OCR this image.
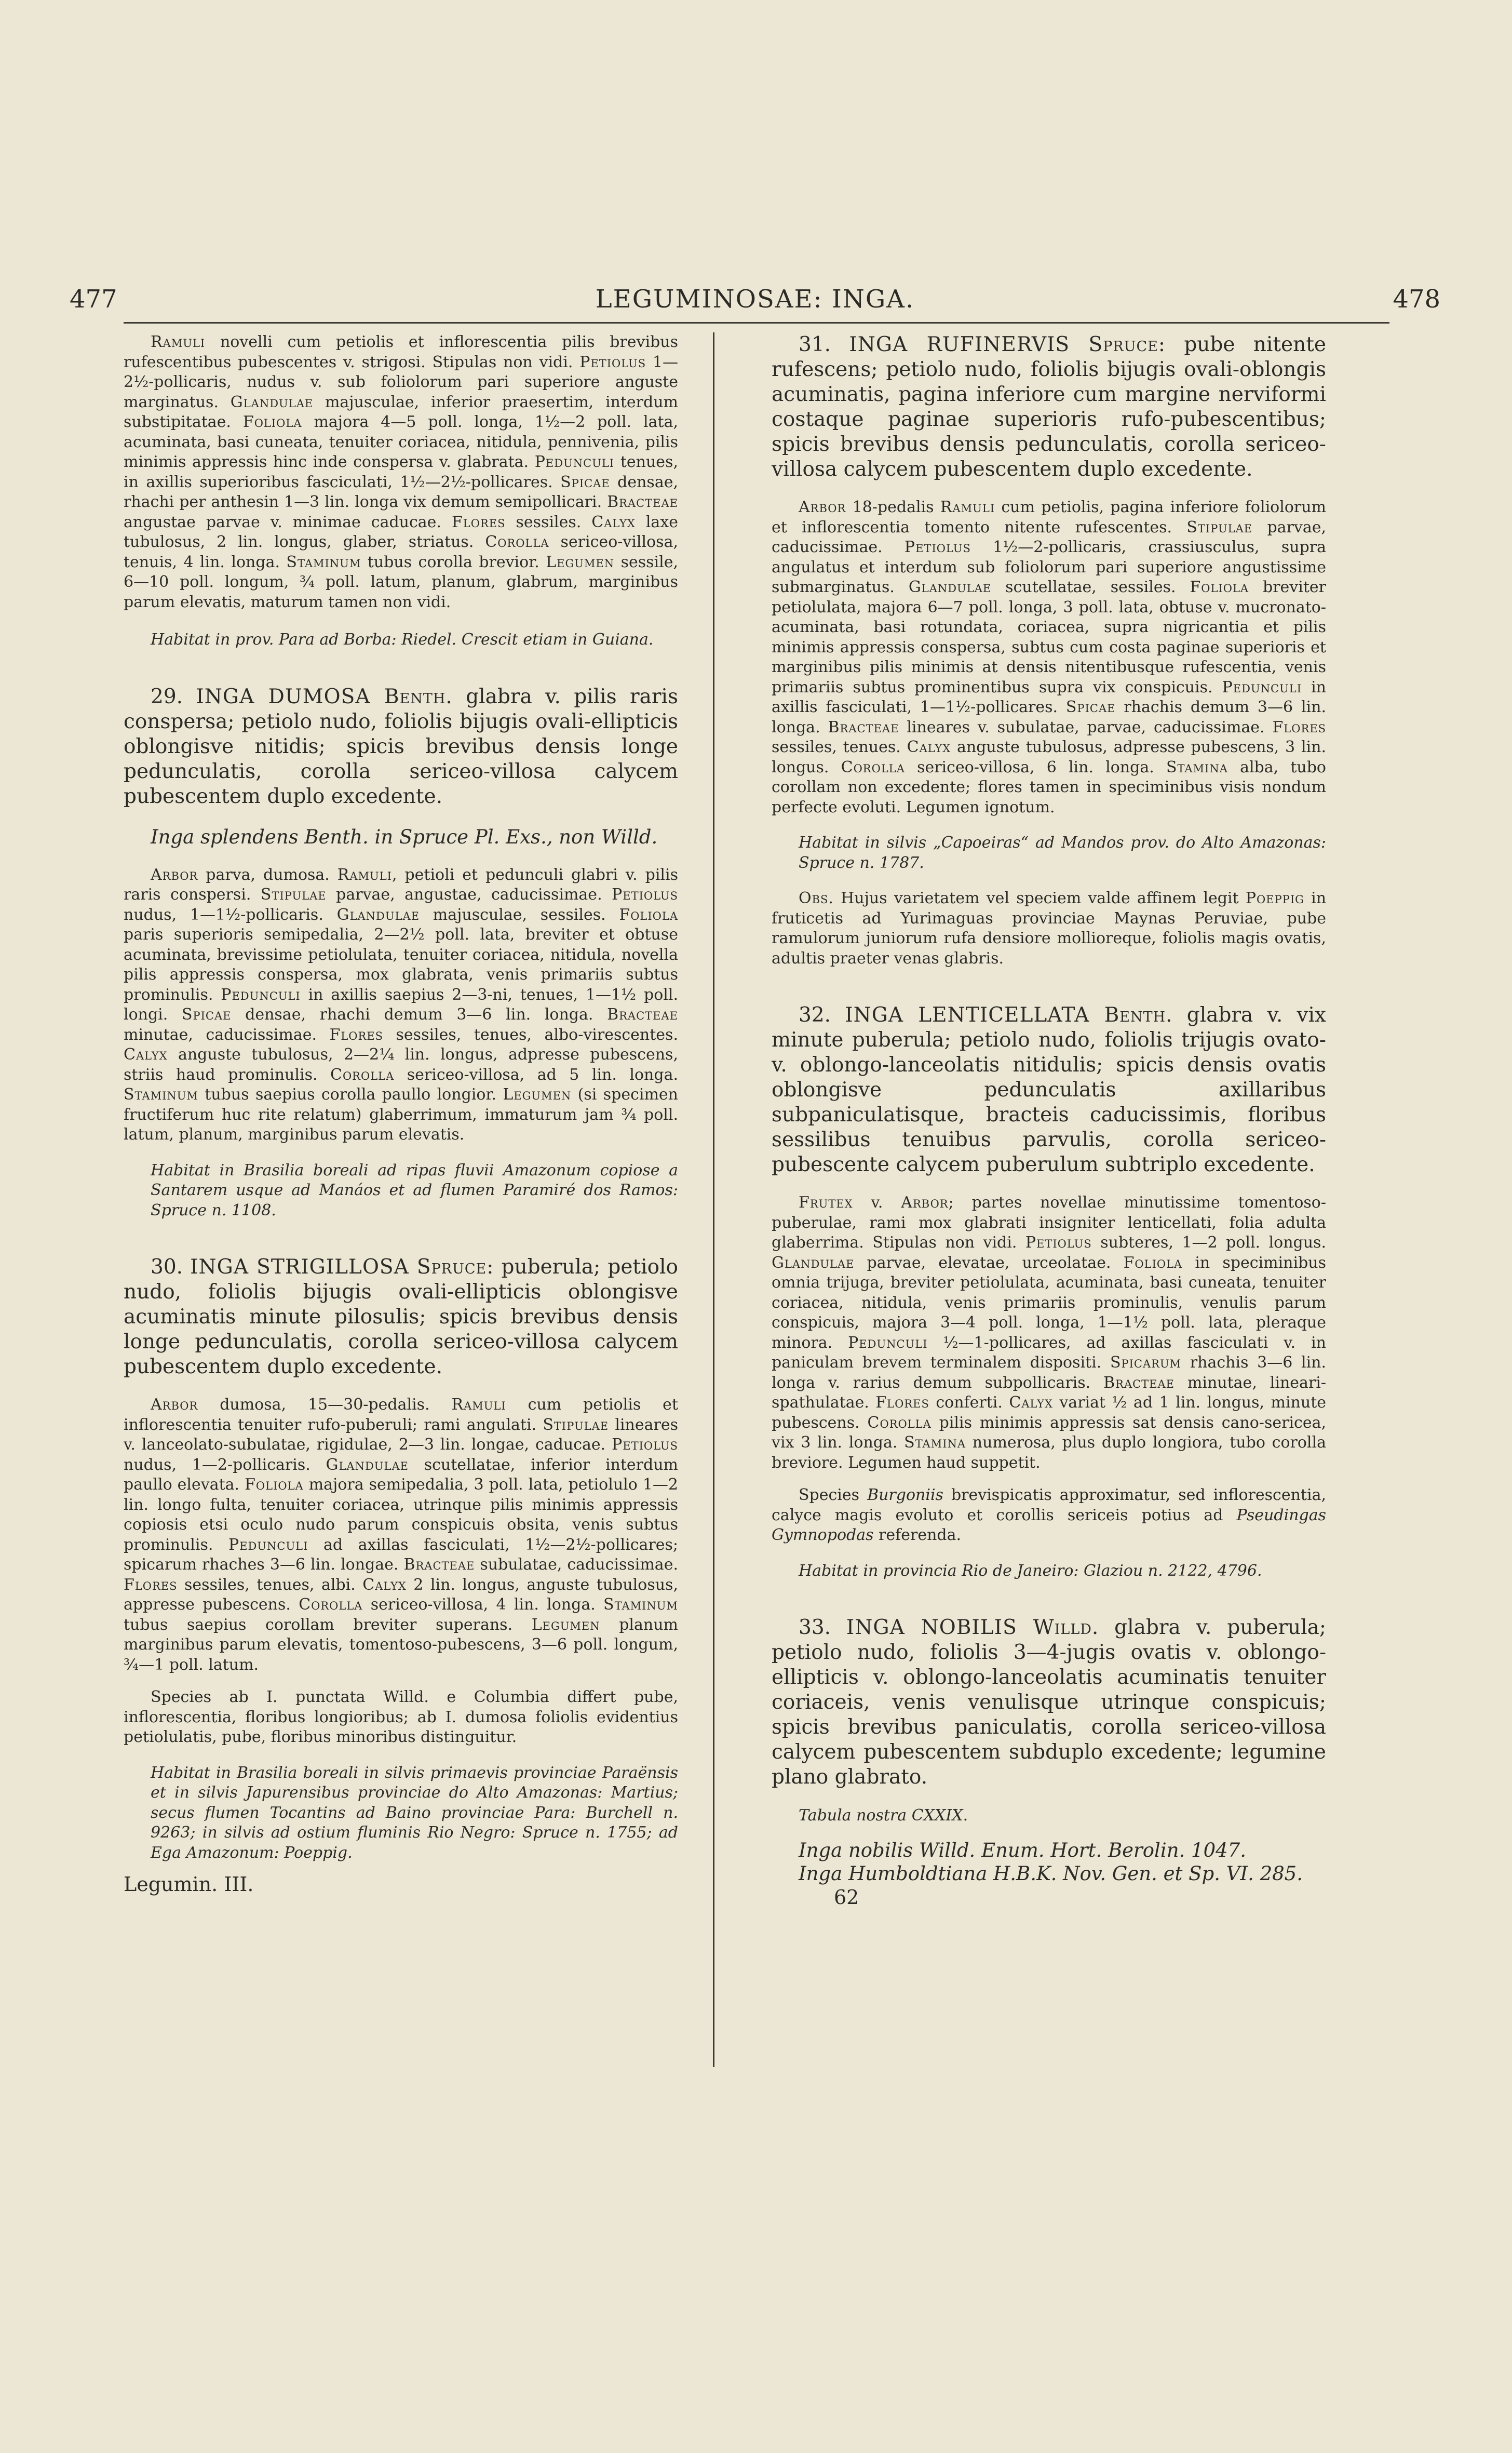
477	LEGUMINOSAE: INGA.	478

Ramuli novelli cum petiolis et inflorescentia pilis brevibus rufescentibus pubescentes v. strigosi. Stipulas non vidi. Petiolus 1—2½-pollicaris, nudus v. sub foliolorum pari superiore anguste marginatus. Glandulae majusculae, inferior praesertim, interdum substipitatae. Foliola majora 4—5 poll. longa, 1½—2 poll. lata, acuminata, basi cuneata, tenuiter coriacea, nitidula, pennivenia, pilis minimis appressis hinc inde conspersa v. glabrata. Pedunculi tenues, in axillis superioribus fasciculati, 1½—2½-pollicares. Spicae densae, rhachi per anthesin 1—3 lin. longa vix demum semipollicari. Bracteae angustae parvae v. minimae caducae. Flores sessiles. Calyx laxe tubulosus, 2 lin. longus, glaber, striatus. Corolla sericeo-villosa, tenuis, 4 lin. longa. Staminum tubus corolla brevior. Legumen sessile, 6—10 poll. longum, ¾ poll. latum, planum, glabrum, marginibus parum elevatis, maturum tamen non vidi.

Habitat in prov. Para ad Borba: Riedel. Crescit etiam in Guiana.

29. INGA DUMOSA Benth. glabra v. pilis raris conspersa; petiolo nudo, foliolis bijugis ovali-ellipticis oblongisve nitidis; spicis brevibus densis longe pedunculatis, corolla sericeo-villosa calycem pubescentem duplo excedente.

Inga splendens Benth. in Spruce Pl. Exs., non Willd.

Arbor parva, dumosa. Ramuli, petioli et pedunculi glabri v. pilis raris conspersi. Stipulae parvae, angustae, caducissimae. Petiolus nudus, 1—1½-pollicaris. Glandulae majusculae, sessiles. Foliola paris superioris semipedalia, 2—2½ poll. lata, breviter et obtuse acuminata, brevissime petiolulata, tenuiter coriacea, nitidula, novella pilis appressis conspersa, mox glabrata, venis primariis subtus prominulis. Pedunculi in axillis saepius 2—3-ni, tenues, 1—1½ poll. longi. Spicae densae, rhachi demum 3—6 lin. longa. Bracteae minutae, caducissimae. Flores sessiles, tenues, albo-virescentes. Calyx anguste tubulosus, 2—2¼ lin. longus, adpresse pubescens, striis haud prominulis. Corolla sericeo-villosa, ad 5 lin. longa. Staminum tubus saepius corolla paullo longior. Legumen (si specimen fructiferum huc rite relatum) glaberrimum, immaturum jam ¾ poll. latum, planum, marginibus parum elevatis.

Habitat in Brasilia boreali ad ripas fluvii Amazonum copiose a Santarem usque ad Manáos et ad flumen Paramiré dos Ramos: Spruce n. 1108.

30. INGA STRIGILLOSA Spruce: puberula; petiolo nudo, foliolis bijugis ovali-ellipticis oblongisve acuminatis minute pilosulis; spicis brevibus densis longe pedunculatis, corolla sericeo-villosa calycem pubescentem duplo excedente.

Arbor dumosa, 15—30-pedalis. Ramuli cum petiolis et inflorescentia tenuiter rufo-puberuli; rami angulati. Stipulae lineares v. lanceolato-subulatae, rigidulae, 2—3 lin. longae, caducae. Petiolus nudus, 1—2-pollicaris. Glandulae scutellatae, inferior interdum paullo elevata. Foliola majora semipedalia, 3 poll. lata, petiolulo 1—2 lin. longo fulta, tenuiter coriacea, utrinque pilis minimis appressis copiosis etsi oculo nudo parum conspicuis obsita, venis subtus prominulis. Pedunculi ad axillas fasciculati, 1½—2½-pollicares; spicarum rhaches 3—6 lin. longae. Bracteae subulatae, caducissimae. Flores sessiles, tenues, albi. Calyx 2 lin. longus, anguste tubulosus, appresse pubescens. Corolla sericeo-villosa, 4 lin. longa. Staminum tubus saepius corollam breviter superans. Legumen planum marginibus parum elevatis, tomentoso-pubescens, 3—6 poll. longum, ¾—1 poll. latum.

Species ab I. punctata Willd. e Columbia differt pube, inflorescentia, floribus longioribus; ab I. dumosa foliolis evidentius petiolulatis, pube, floribus minoribus distinguitur.

Habitat in Brasilia boreali in silvis primaevis provinciae Paraënsis et in silvis Japurensibus provinciae do Alto Amazonas: Martius; secus flumen Tocantins ad Baino provinciae Para: Burchell n. 9263; in silvis ad ostium fluminis Rio Negro: Spruce n. 1755; ad Ega Amazonum: Poeppig.

Legumin. III.

31. INGA RUFINERVIS Spruce: pube nitente rufescens; petiolo nudo, foliolis bijugis ovali-oblongis acuminatis, pagina inferiore cum margine nerviformi costaque paginae superioris rufo-pubescentibus; spicis brevibus densis pedunculatis, corolla sericeo-villosa calycem pubescentem duplo excedente.

Arbor 18-pedalis Ramuli cum petiolis, pagina inferiore foliolorum et inflorescentia tomento nitente rufescentes. Stipulae parvae, caducissimae. Petiolus 1½—2-pollicaris, crassiusculus, supra angulatus et interdum sub foliolorum pari superiore angustissime submarginatus. Glandulae scutellatae, sessiles. Foliola breviter petiolulata, majora 6—7 poll. longa, 3 poll. lata, obtuse v. mucronato-acuminata, basi rotundata, coriacea, supra nigricantia et pilis minimis appressis conspersa, subtus cum costa paginae superioris et marginibus pilis minimis at densis nitentibusque rufescentia, venis primariis subtus prominentibus supra vix conspicuis. Pedunculi in axillis fasciculati, 1—1½-pollicares. Spicae rhachis demum 3—6 lin. longa. Bracteae lineares v. subulatae, parvae, caducissimae. Flores sessiles, tenues. Calyx anguste tubulosus, adpresse pubescens, 3 lin. longus. Corolla sericeo-villosa, 6 lin. longa. Stamina alba, tubo corollam non excedente; flores tamen in speciminibus visis nondum perfecte evoluti. Legumen ignotum.

Habitat in silvis „Capoeiras“ ad Mandos prov. do Alto Amazonas: Spruce n. 1787.

Obs. Hujus varietatem vel speciem valde affinem legit Poeppig in fruticetis ad Yurimaguas provinciae Maynas Peruviae, pube ramulorum juniorum rufa densiore mollioreque, foliolis magis ovatis, adultis praeter venas glabris.

32. INGA LENTICELLATA Benth. glabra v. vix minute puberula; petiolo nudo, foliolis trijugis ovato- v. oblongo-lanceolatis nitidulis; spicis densis ovatis oblongisve pedunculatis axillaribus subpaniculatisque, bracteis caducissimis, floribus sessilibus tenuibus parvulis, corolla sericeo-pubescente calycem puberulum subtriplo excedente.

Frutex v. Arbor; partes novellae minutissime tomentoso-puberulae, rami mox glabrati insigniter lenticellati, folia adulta glaberrima. Stipulas non vidi. Petiolus subteres, 1—2 poll. longus. Glandulae parvae, elevatae, urceolatae. Foliola in speciminibus omnia trijuga, breviter petiolulata, acuminata, basi cuneata, tenuiter coriacea, nitidula, venis primariis prominulis, venulis parum conspicuis, majora 3—4 poll. longa, 1—1½ poll. lata, pleraque minora. Pedunculi ½—1-pollicares, ad axillas fasciculati v. in paniculam brevem terminalem dispositi. Spicarum rhachis 3—6 lin. longa v. rarius demum subpollicaris. Bracteae minutae, lineari-spathulatae. Flores conferti. Calyx variat ½ ad 1 lin. longus, minute pubescens. Corolla pilis minimis appressis sat densis cano-sericea, vix 3 lin. longa. Stamina numerosa, plus duplo longiora, tubo corolla breviore. Legumen haud suppetit.

Species Burgoniis brevispicatis approximatur, sed inflorescentia, calyce magis evoluto et corollis sericeis potius ad Pseudingas Gymnopodas referenda.

Habitat in provincia Rio de Janeiro: Glaziou n. 2122, 4796.

33. INGA NOBILIS Willd. glabra v. puberula; petiolo nudo, foliolis 3—4-jugis ovatis v. oblongo-ellipticis v. oblongo-lanceolatis acuminatis tenuiter coriaceis, venis venulisque utrinque conspicuis; spicis brevibus paniculatis, corolla sericeo-villosa calycem pubescentem subduplo excedente; legumine plano glabrato.

Tabula nostra CXXIX.

Inga nobilis Willd. Enum. Hort. Berolin. 1047.

Inga Humboldtiana H.B.K. Nov. Gen. et Sp. VI. 285.

62
